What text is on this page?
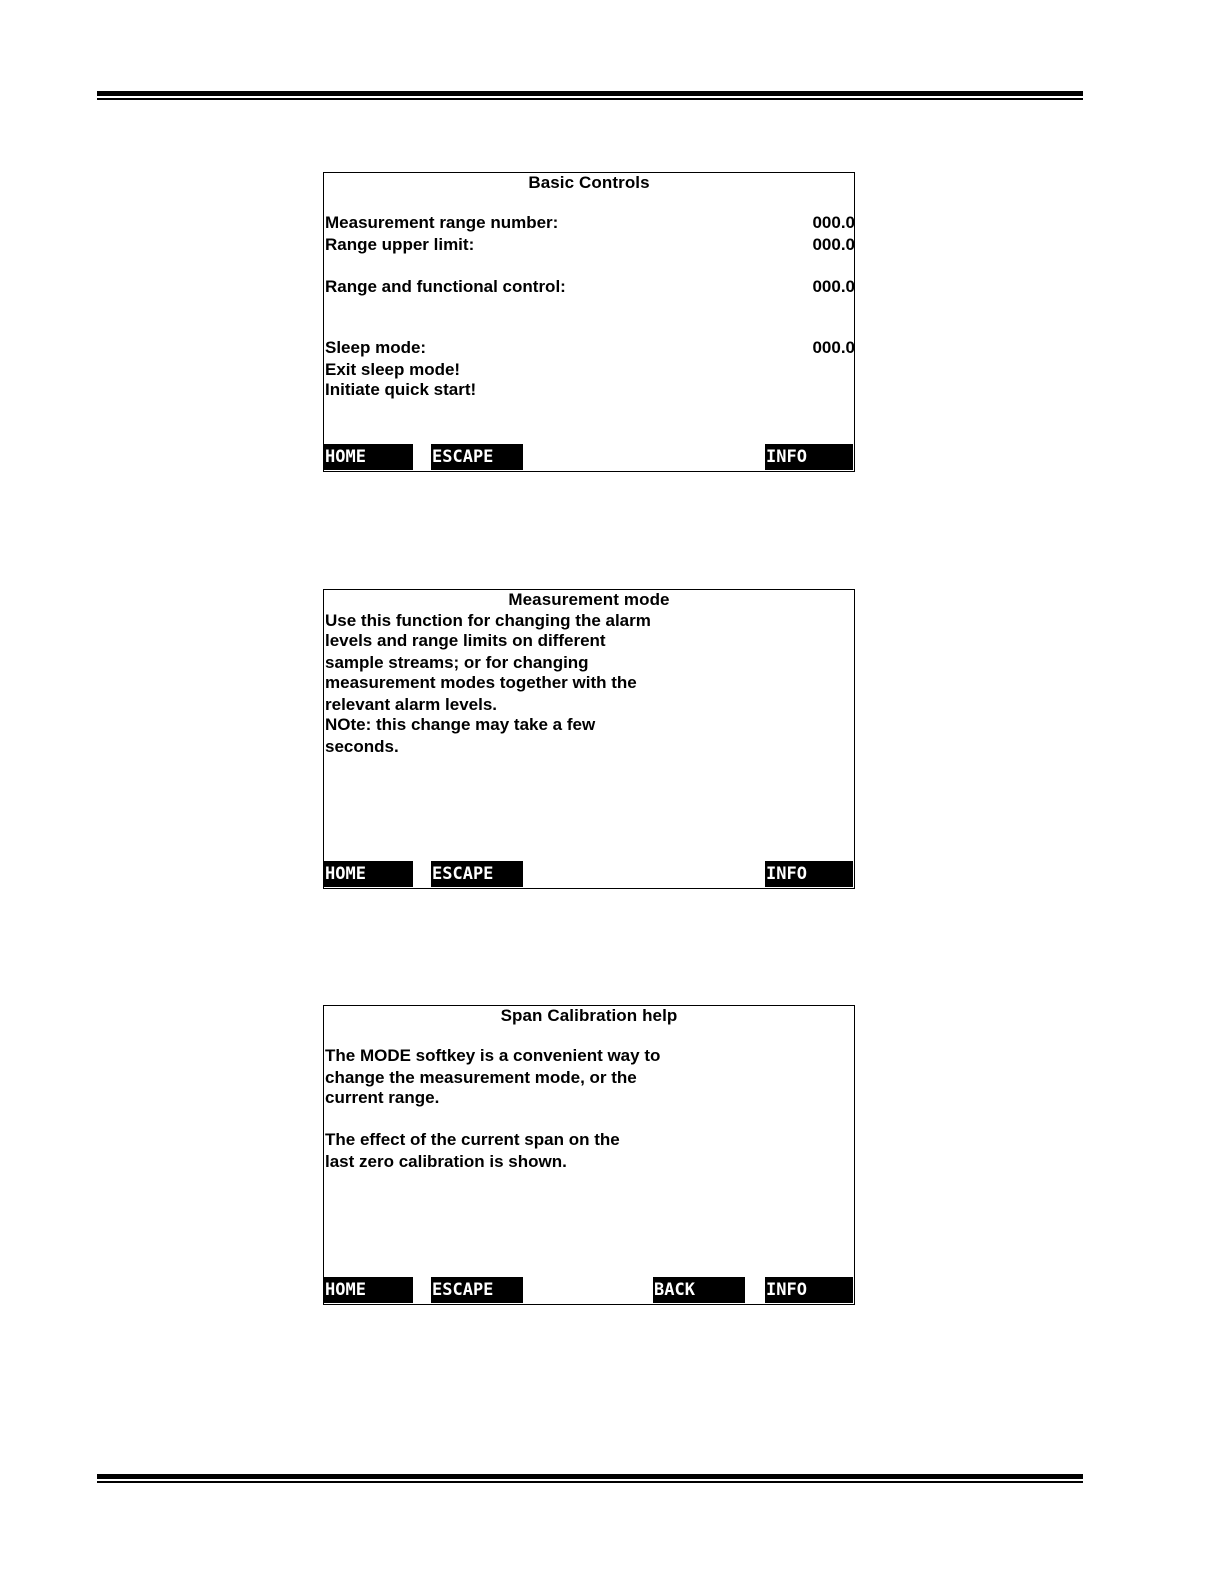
Basic Controls
Measurement range number:	000.0
Range upper limit:	000.0
Range and functional control:	000.0
Sleep mode:	000.0
Exit sleep mode!
Initiate quick start!
HOME	ESCAPE	INFO
Measurement mode
Use this function for changing the alarm
levels and range limits on different
sample streams; or for changing
measurement modes together with the
relevant alarm levels.
NOte: this change may take a few
seconds.
HOME	ESCAPE	INFO
Span Calibration help
The MODE softkey is a convenient way to
change the measurement mode, or the
current range.
The effect of the current span on the
last zero calibration is shown.
HOME	ESCAPE	BACK	INFO
